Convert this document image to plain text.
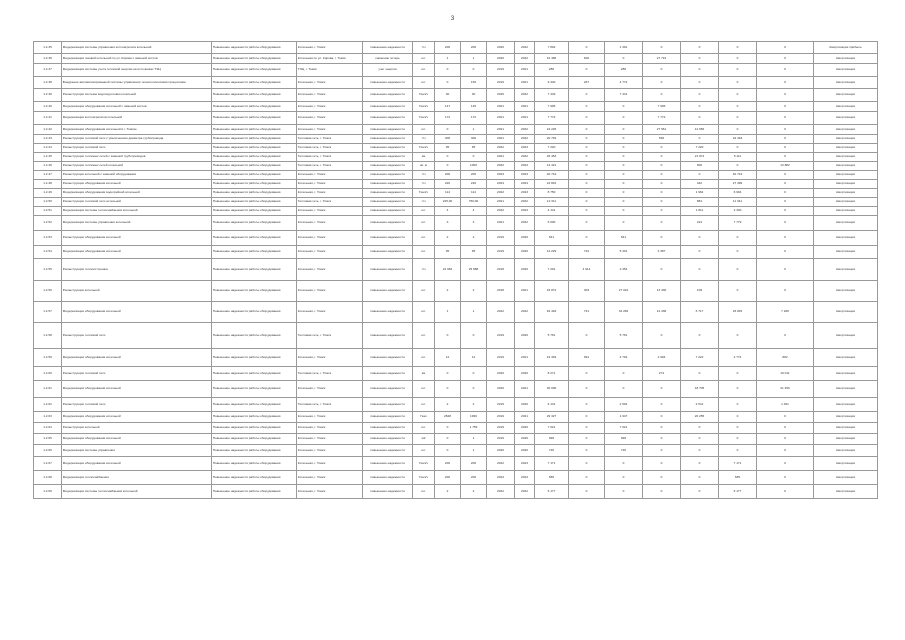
3
1.2.35	Модернизация системы управления котлоагрегата котельной	Повышение надежности работы оборудования	Котельная, г. Томск	повышение надежности	т/ч	200	200	2020	2022	7 892	0	1 391	0	0	0	0	Амортизация прибыль
1.2.36	Модернизация газовой котельной по ул. Кирова с заменой котлов	Повышение надежности работы оборудования	Котельная по ул. Кирова, г. Томск	снижение потерь	шт.	1	1	2020	2022	16 486	600	0	27 716	0	0	0	Амортизация
1.2.37	Модернизация системы учета тепловой энергии на источниках ТЭЦ	Повышение надежности работы оборудования	ТЭЦ, г. Томск	учет энергии	шт.	0	0	2019	2021	286	0	286	0	0	0	0	Амортизация
1.2.38	Внедрение автоматизированной системы управления технологическими процессами	Повышение надежности работы оборудования	Котельная, г. Томск	повышение надежности	шт.	0	156	2019	2021	9 440	267	4 772	0	0	0	0	Амортизация
1.2.39	Реконструкция системы водоподготовки котельной	Повышение надежности работы оборудования	Котельная, г. Томск	повышение надежности	Гкал/ч	30	30	2020	2022	7 449	0	7 441	0	0	0	0	Амортизация
1.2.40	Модернизация оборудования котельной с заменой котлов	Повышение надежности работы оборудования	Котельная, г. Томск	повышение надежности	Гкал/ч	147	145	2021	2021	7 906	0	0	7 906	0	0	0	Амортизация
1.2.41	Модернизация котлоагрегатов котельной	Повышение надежности работы оборудования	Котельная, г. Томск	повышение надежности	Гкал/ч	172	172	2021	2021	7 772	0	0	7 772	0	0	0	Амортизация
1.2.42	Модернизация оборудования котельной в г. Томске	Повышение надежности работы оборудования	Котельная, г. Томск	повышение надежности	шт.	0	1	2021	2022	24 226	0	0	27 661	12 666	0	0	Амортизация
1.2.43	Реконструкция тепловой сети с увеличением диаметра трубопровода	Повышение надежности работы оборудования	Тепловая сеть, г. Томск	повышение надежности	т/ч	300	300	2021	2022	20 749	0	0	596	0	22 318	0	Амортизация
1.2.44	Реконструкция тепловой сети	Повышение надежности работы оборудования	Тепловая сеть, г. Томск	повышение надежности	Гкал/ч	95	95	2022	2023	7 220	0	0	0	7 220	0	0	Амортизация
1.2.45	Реконструкция тепловых сетей с заменой трубопроводов	Повышение надежности работы оборудования	Тепловая сеть, г. Томск	повышение надежности	км	0	0	2021	2022	26 454	0	0	0	21 974	5 111	0	Амортизация
1.2.46	Реконструкция тепловых сетей котельной	Повышение надежности работы оборудования	Тепловая сеть, г. Томск	повышение надежности	кв. м	0	1000	2022	2023	14 421	0	0	0	900	0	13 882	Амортизация
1.2.47	Реконструкция котельной с заменой оборудования	Повышение надежности работы оборудования	Котельная, г. Томск	повышение надежности	т/ч	200	200	2023	2023	40 744	0	0	0	0	40 744	0	Амортизация
1.2.48	Реконструкция оборудования котельной	Повышение надежности работы оборудования	Котельная, г. Томск	повышение надежности	т/ч	220	220	2024	2024	24 842	0	0	0	442	27 399	0	Амортизация
1.2.49	Модернизация оборудования водогрейной котельной	Повышение надежности работы оборудования	Котельная, г. Томск	повышение надежности	Гкал/ч	114	114	2022	2023	8 750	0	0	0	1 964	6 994	0	Амортизация
1.2.50	Реконструкция тепловой сети котельной	Повышение надежности работы оборудования	Тепловая сеть, г. Томск	повышение надежности	т/ч	225,00	750,00	2021	2022	12 311	0	0	0	881	11 341	0	Амортизация
1.2.51	Модернизация системы теплоснабжения котельной	Повышение надежности работы оборудования	Котельная, г. Томск	повышение надежности	шт.	4	4	2022	2023	4 141	0	0	0	1 811	2 330	0	Амортизация
1.2.52	Модернизация системы управления котельной	Повышение надежности работы оборудования	Котельная, г. Томск	повышение надежности	шт.	3	3	2021	2022	6 000	0	0	0	224	7 779	0	Амортизация
1.2.53	Реконструкция оборудования котельной	Повышение надежности работы оборудования	Котельная, г. Томск	повышение надежности	шт.	2	2	2019	2020	641	0	641	0	0	0	0	Амортизация
1.2.54	Модернизация оборудования котельной	Повышение надежности работы оборудования	Котельная, г. Томск	повышение надежности	шт.	95	95	2019	2020	12 229	722	5 401	3 387	0	0	0	Амортизация
1.2.55	Реконструкция теплоисточника	Повышение надежности работы оборудования	Котельная, г. Томск	повышение надежности	т/ч	24 984	25 888	2018	2020	7 291	4 914	2 354	0	0	0	0	Амортизация
1.2.56	Реконструкция котельной	Повышение надежности работы оборудования	Котельная, г. Томск	повышение надежности	шт.	2	2	2018	2021	23 872	303	27 022	13 430	109	0	0	Амортизация
1.2.57	Модернизация оборудования котельной	Повышение надежности работы оборудования	Котельная, г. Томск	повышение надежности	шт.	1	1	2022	2022	94 494	741	34 282	12 438	6 717	18 845	7 188	Амортизация
1.2.58	Реконструкция тепловой сети	Повышение надежности работы оборудования	Тепловая сеть, г. Томск	повышение надежности	шт.	0	0	2019	2020	5 761	0	5 761	0	0	0	0	Амортизация
1.2.59	Модернизация оборудования котельной	Повышение надежности работы оборудования	Котельная, г. Томск	повышение надежности	шт.	12	12	2019	2021	19 349	991	4 792	2 994	7 222	2 774	882	Амортизация
1.2.60	Реконструкция тепловой сети	Повышение надежности работы оборудования	Тепловая сеть, г. Томск	повышение надежности	км	0	0	2020	2020	8 271	0	0	274	0	0	16 011	Амортизация
1.2.61	Модернизация оборудования котельной	Повышение надежности работы оборудования	Котельная, г. Томск	повышение надежности	шт.	0	0	2020	2021	30 000	0	0	0	18 705	0	21 456	Амортизация
1.2.62	Реконструкция тепловой сети	Повышение надежности работы оборудования	Тепловая сеть, г. Томск	повышение надежности	шт.	2	2	2019	2020	6 131	0	2 594	0	2 541	0	1 491	Амортизация
1.2.63	Модернизация оборудования котельной	Повышение надежности работы оборудования	Котельная, г. Томск	повышение надежности	Гкал	2848	1990	2019	2021	29 327	0	1 947	0	20 255	0	0	Амортизация
1.2.64	Реконструкция котельной	Повышение надежности работы оборудования	Котельная, г. Томск	повышение надежности	шт.	0	1 759	2019	2020	7 021	0	7 021	0	0	0	0	Амортизация
1.2.65	Модернизация оборудования котельной	Повышение надежности работы оборудования	Котельная, г. Томск	повышение надежности	м2	0	1	2019	2020	999	0	999	0	0	0	0	Амортизация
1.2.66	Модернизация системы управления	Повышение надежности работы оборудования	Котельная, г. Томск	повышение надежности	шт.	0	1	2020	2020	720	0	720	0	0	0	0	Амортизация
1.2.67	Модернизация оборудования котельной	Повышение надежности работы оборудования	Котельная, г. Томск	повышение надежности	Гкал/ч	200	200	2022	2023	7 171	0	0	0	0	7 171	0	Амортизация
1.2.68	Модернизация теплоснабжения	Повышение надежности работы оборудования	Котельная, г. Томск	повышение надежности	Гкал/ч	200	200	2023	2023	685	0	0	0	0	685	0	Амортизация
1.2.69	Модернизация системы теплоснабжения котельной	Повышение надежности работы оборудования	Котельная, г. Томск	повышение надежности	шт.	2	2	2022	2022	6 177	0	0	0	0	6 177	0	Амортизация
